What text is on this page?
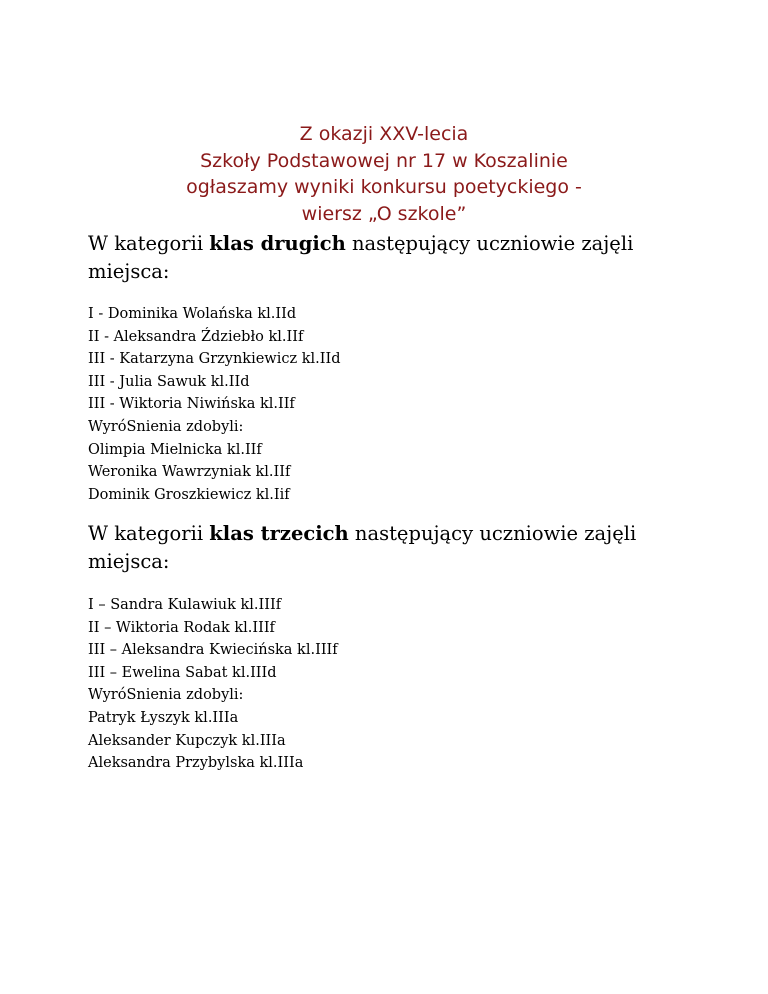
Z okazji XXV-lecia
Szkoły Podstawowej nr 17 w Koszalinie
ogłaszamy wyniki konkursu poetyckiego -
wiersz „O szkole”
W kategorii klas drugich następujący uczniowie zajęli
miejsca:
I - Dominika Wolańska kl.IId
II - Aleksandra Ździebło kl.IIf
III - Katarzyna Grzynkiewicz kl.IId
III - Julia Sawuk kl.IId
III - Wiktoria Niwińska kl.IIf
WyróSnienia zdobyli:
Olimpia Mielnicka kl.IIf
Weronika Wawrzyniak kl.IIf
Dominik Groszkiewicz kl.Iif
W kategorii klas trzecich następujący uczniowie zajęli
miejsca:
I – Sandra Kulawiuk kl.IIIf
II – Wiktoria Rodak kl.IIIf
III – Aleksandra Kwiecińska kl.IIIf
III – Ewelina Sabat kl.IIId
WyróSnienia zdobyli:
Patryk Łyszyk kl.IIIa
Aleksander Kupczyk kl.IIIa
Aleksandra Przybylska kl.IIIa
